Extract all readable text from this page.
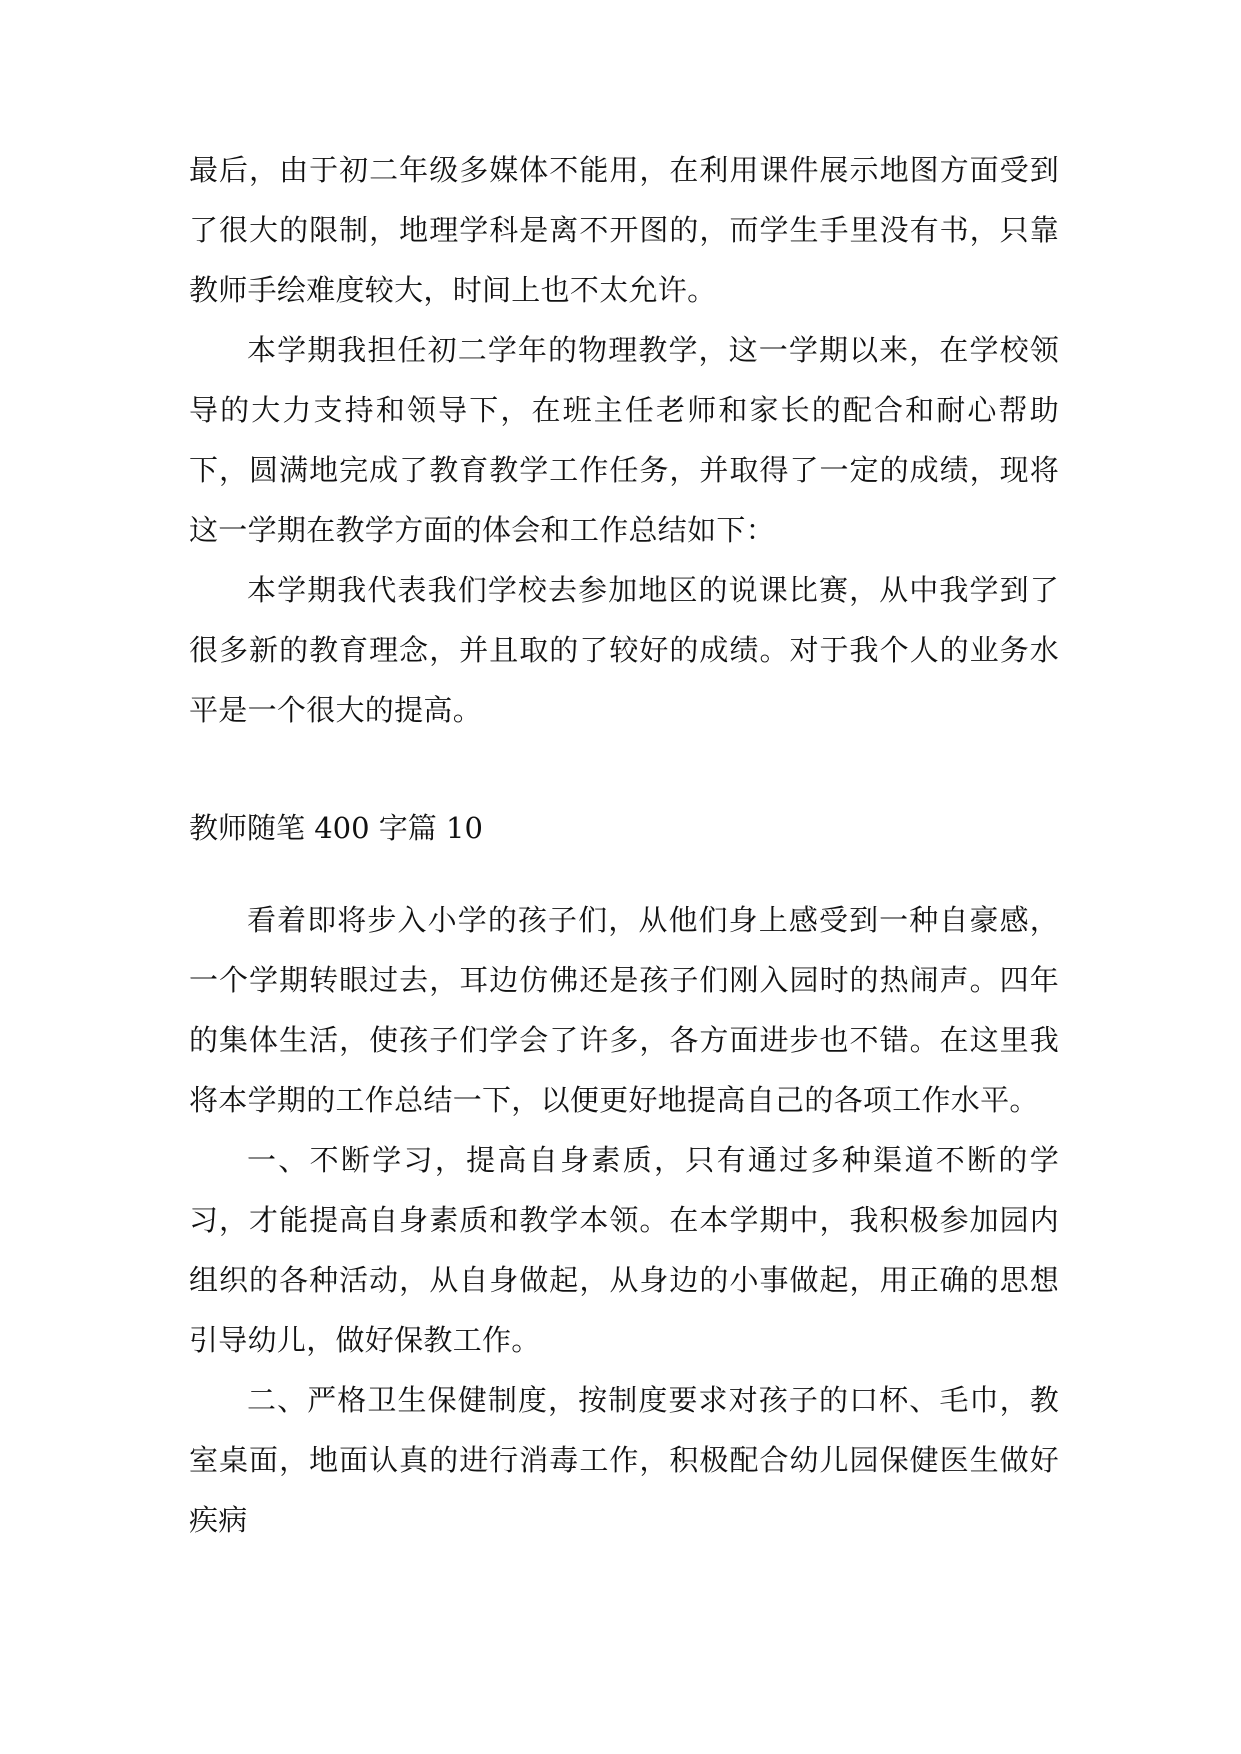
最后，由于初二年级多媒体不能用，在利用课件展示地图方面受到了很大的限制，地理学科是离不开图的，而学生手里没有书，只靠教师手绘难度较大，时间上也不太允许。

本学期我担任初二学年的物理教学，这一学期以来，在学校领导的大力支持和领导下，在班主任老师和家长的配合和耐心帮助下，圆满地完成了教育教学工作任务，并取得了一定的成绩，现将这一学期在教学方面的体会和工作总结如下：

本学期我代表我们学校去参加地区的说课比赛，从中我学到了很多新的教育理念，并且取的了较好的成绩。对于我个人的业务水平是一个很大的提高。

教师随笔 400 字篇 10

看着即将步入小学的孩子们，从他们身上感受到一种自豪感，一个学期转眼过去，耳边仿佛还是孩子们刚入园时的热闹声。四年的集体生活，使孩子们学会了许多，各方面进步也不错。在这里我将本学期的工作总结一下，以便更好地提高自己的各项工作水平。

一、不断学习，提高自身素质，只有通过多种渠道不断的学习，才能提高自身素质和教学本领。在本学期中，我积极参加园内组织的各种活动，从自身做起，从身边的小事做起，用正确的思想引导幼儿，做好保教工作。

二、严格卫生保健制度，按制度要求对孩子的口杯、毛巾，教室桌面，地面认真的进行消毒工作，积极配合幼儿园保健医生做好疾病
